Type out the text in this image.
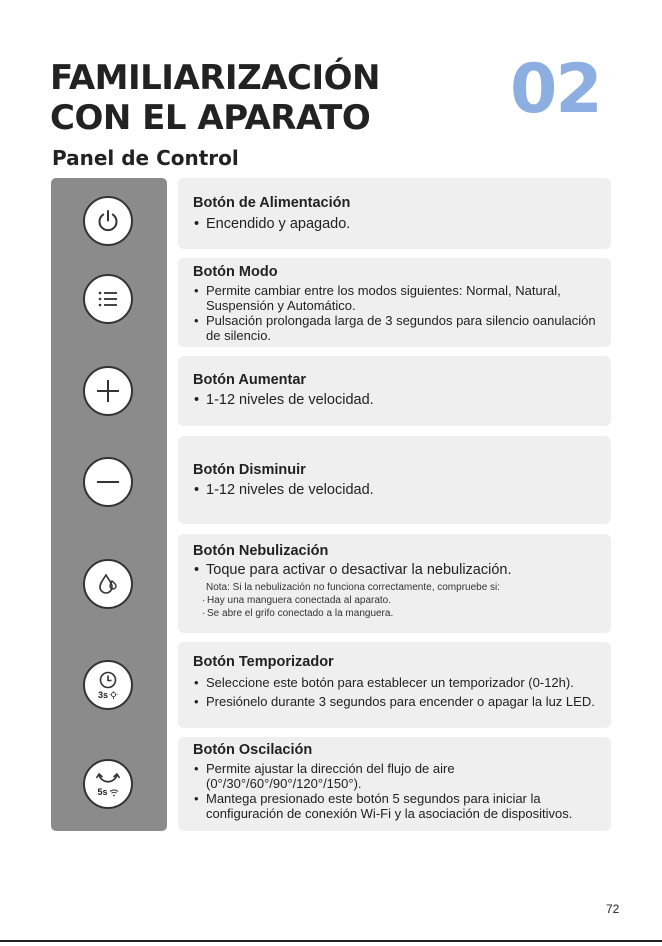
FAMILIARIZACIÓN
CON EL APARATO 02
Panel de Control
3s
5s
Botón de Alimentación
• Encendido y apagado.
Botón Modo
• Permite cambiar entre los modos siguientes: Normal, Natural, Suspensión y Automático.
• Pulsación prolongada larga de 3 segundos para silencio oanulación de silencio.
Botón Aumentar
• 1-12 niveles de velocidad.
Botón Disminuir
• 1-12 niveles de velocidad.
Botón Nebulización
• Toque para activar o desactivar la nebulización.
Nota: Si la nebulización no funciona correctamente, compruebe si:
· Hay una manguera conectada al aparato.
· Se abre el grifo conectado a la manguera.
Botón Temporizador
• Seleccione este botón para establecer un temporizador (0-12h).
• Presiónelo durante 3 segundos para encender o apagar la luz LED.
Botón Oscilación
• Permite ajustar la dirección del flujo de aire (0°/30°/60°/90°/120°/150°).
• Mantega presionado este botón 5 segundos para iniciar la configuración de conexión Wi-Fi y la asociación de dispositivos.
72
